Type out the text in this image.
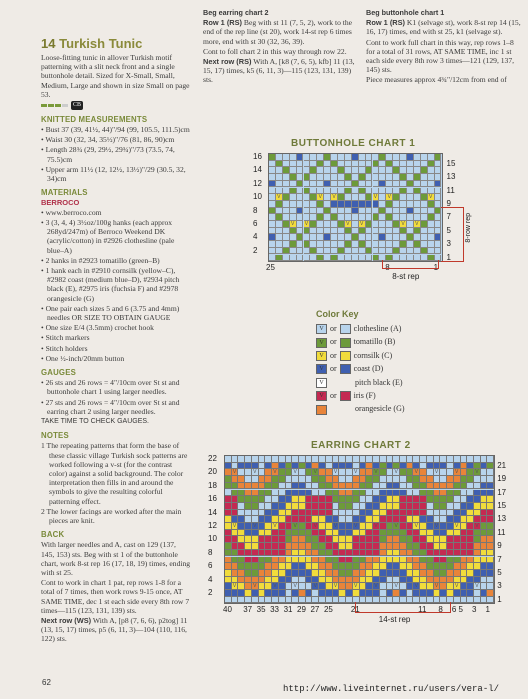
14 Turkish Tunic

Loose-fitting tunic in allover Turkish motif patterning with a slit neck front and a single buttonhole detail. Sized for X-Small, Small, Medium, Large and shown in size Small on page 53.

CB

KNITTED MEASUREMENTS
• Bust 37 (39, 41½, 44)"/94 (99, 105.5, 111.5)cm
• Waist 30 (32, 34, 35½)"/76 (81, 86, 90)cm
• Length 28¾ (29, 29½, 29¾)"/73 (73.5, 74, 75.5)cm
• Upper arm 11½ (12, 12½, 13½)"/29 (30.5, 32, 34)cm
MATERIALS
BERROCO
• www.berroco.com
• 3 (3, 4, 4) 3½oz/100g hanks (each approx 268yd/247m) of Berroco Weekend DK (acrylic/cotton) in #2926 clothesline (pale blue–A)
• 2 hanks in #2923 tomatillo (green–B)
• 1 hank each in #2910 cornsilk (yellow–C), #2982 coast (medium blue–D), #2934 pitch black (E), #2975 iris (fuchsia F) and #2978 orangesicle (G)
• One pair each sizes 5 and 6 (3.75 and 4mm) needles OR SIZE TO OBTAIN GAUGE
• One size E/4 (3.5mm) crochet hook
• Stitch markers
• Stitch holders
• One ½-inch/20mm button
GAUGES
• 26 sts and 26 rows = 4"/10cm over St st and buttonhole chart 1 using larger needles.
• 27 sts and 26 rows = 4"/10cm over St st and earring chart 2 using larger needles.

TAKE TIME TO CHECK GAUGES.

NOTES
1 The repeating patterns that form the base of these classic village Turkish sock patterns are worked following a v-st (for the contrast color) against a solid background. The color interpretation then fills in and around the symbols to give the resulting colorful patterning effect.
2 The lower facings are worked after the main pieces are knit.
BACK

With larger needles and A, cast on 129 (137, 145, 153) sts. Beg with st 1 of the buttonhole chart, work 8-st rep 16 (17, 18, 19) times, ending with st 25.

Cont to work in chart 1 pat, rep rows 1-8 for a total of 7 times, then work rows 9-15 once, AT SAME TIME, dec 1 st each side every 8th row 7 times—115 (123, 131, 139) sts.

Next row (WS) With A, [p8 (7, 6, 6), p2tog] 11 (13, 15, 17) times, p5 (6, 11, 3)—104 (110, 116, 122) sts.

Beg earring chart 2

Row 1 (RS) Beg with st 11 (7, 5, 2), work to the end of the rep line (st 20), work 14-st rep 6 times more, end with st 30 (32, 36, 39).

Cont to foll chart 2 in this way through row 22.

Next row (RS) With A, [k8 (7, 6, 5), kfb] 11 (13, 15, 17) times, k5 (6, 11, 3)—115 (123, 131, 139) sts.

Beg buttonhole chart 1

Row 1 (RS) K1 (selvage st), work 8-st rep 14 (15, 16, 17) times, end with st 25, k1 (selvage st).

Cont to work full chart in this way, rep rows 1–8 for a total of 31 rows, AT SAME TIME, inc 1 st each side every 8th row 3 times—121 (129, 137, 145) sts.

Piece measures approx 4¾"/12cm from end of

BUTTONHOLE CHART 1
Color Key
EARRING CHART 2
62
http://www.liveinternet.ru/users/vera-l/
V	V	V	V	V	V
V	V	V	V	V	V
16
14
12
10
8
6
4
2
15
13
11
9
7
5
3
1
25	8	1
8-st rep
8-row rep
V or clothesline (A)
V or tomatillo (B)
V or cornsilk (C)
V or coast (D)
V	pitch black (E)
V or iris (F)
orangesicle (G)
V	V	V	V	V	V	V	V	V	V	V	V	V
V	V	V	V	V	V	V	V	V	V	V	V	V
V	V	V	V	V	V	V	V	V	V	V	V	V
22
20
18
16
14
12
10
8
6
4
2
21
19
17
15
13
11
9
7
5
3
1
40 37 35 33 31 29 27 25 21	11 8 6 5 3 1
14-st rep
